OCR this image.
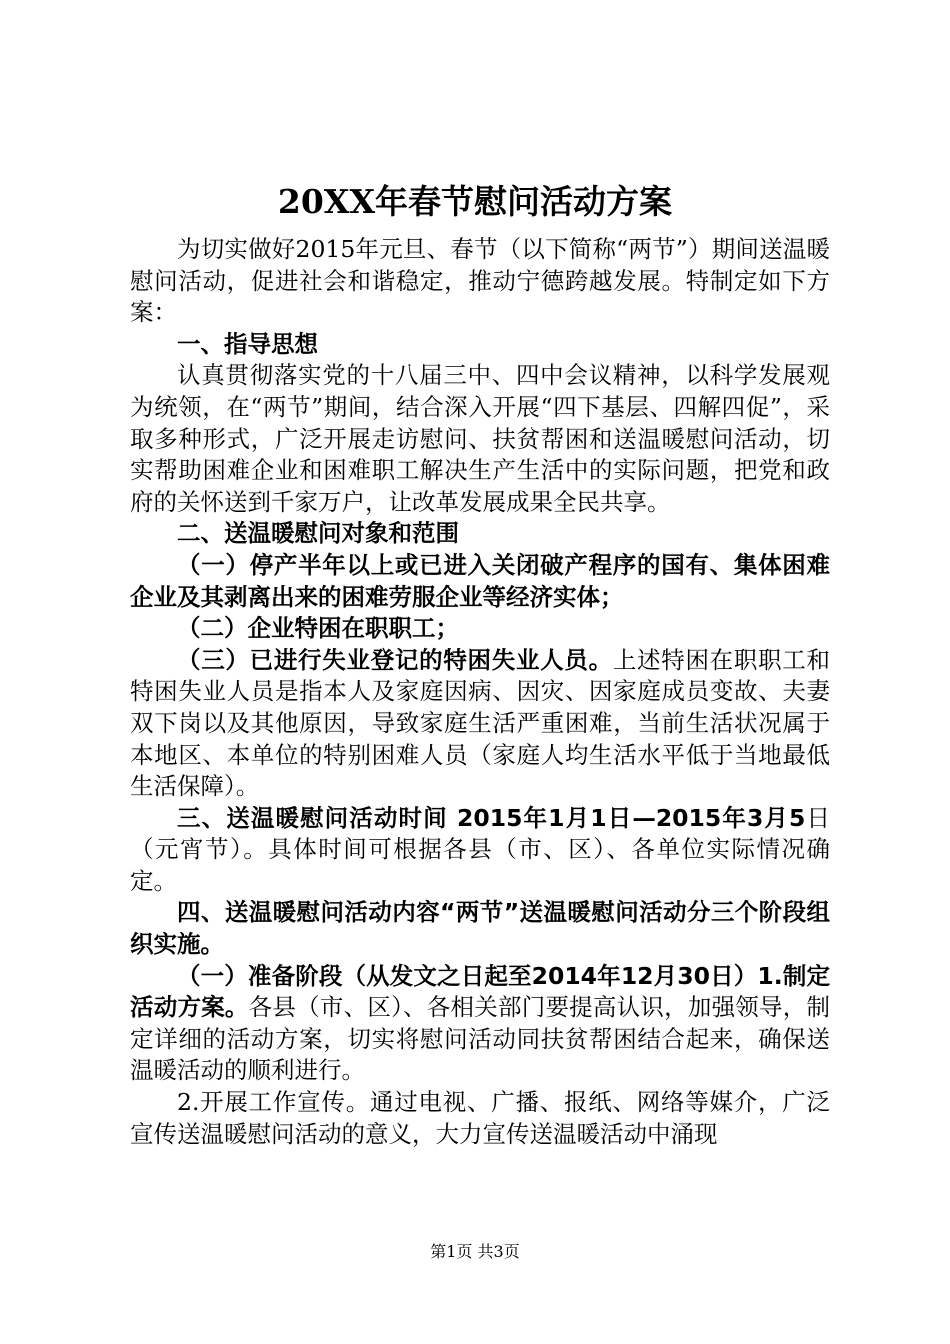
20XX年春节慰问活动方案

为切实做好2015年元旦、春节（以下简称“两节”）期间送温暖慰问活动，促进社会和谐稳定，推动宁德跨越发展。特制定如下方案：

一、指导思想

认真贯彻落实党的十八届三中、四中会议精神，以科学发展观为统领，在“两节”期间，结合深入开展“四下基层、四解四促”，采取多种形式，广泛开展走访慰问、扶贫帮困和送温暖慰问活动，切实帮助困难企业和困难职工解决生产生活中的实际问题，把党和政府的关怀送到千家万户，让改革发展成果全民共享。

二、送温暖慰问对象和范围

（一）停产半年以上或已进入关闭破产程序的国有、集体困难企业及其剥离出来的困难劳服企业等经济实体；

（二）企业特困在职职工；

（三）已进行失业登记的特困失业人员。上述特困在职职工和特困失业人员是指本人及家庭因病、因灾、因家庭成员变故、夫妻双下岗以及其他原因，导致家庭生活严重困难，当前生活状况属于本地区、本单位的特别困难人员（家庭人均生活水平低于当地最低生活保障）。

三、送温暖慰问活动时间 2015年1月1日—2015年3月5日（元宵节）。具体时间可根据各县（市、区）、各单位实际情况确定。

四、送温暖慰问活动内容“两节”送温暖慰问活动分三个阶段组织实施。

（一）准备阶段（从发文之日起至2014年12月30日）1.制定活动方案。各县（市、区）、各相关部门要提高认识，加强领导，制定详细的活动方案，切实将慰问活动同扶贫帮困结合起来，确保送温暖活动的顺利进行。

2.开展工作宣传。通过电视、广播、报纸、网络等媒介，广泛宣传送温暖慰问活动的意义，大力宣传送温暖活动中涌现

第1页 共3页
